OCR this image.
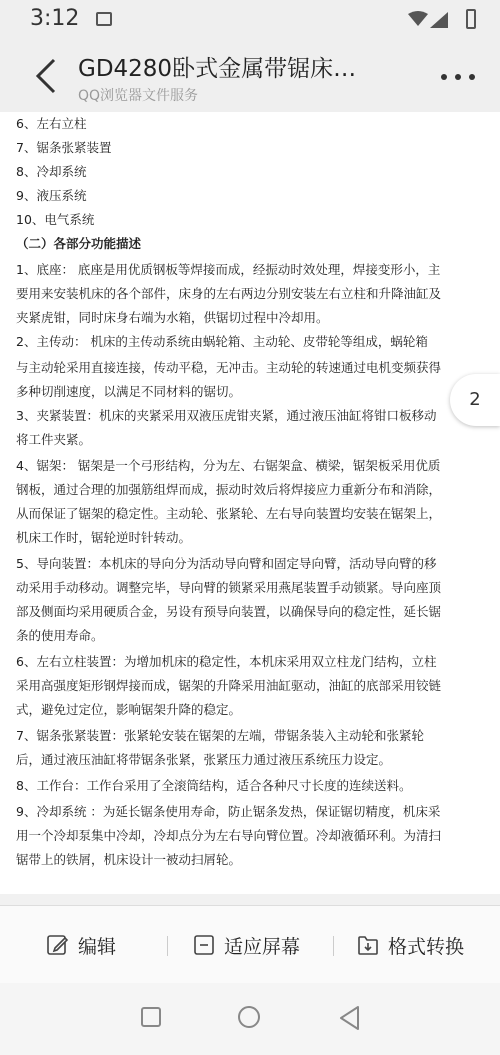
3:12
GD4280卧式金属带锯床…
QQ浏览器文件服务
锯带上的铁屑，机床设计一被动扫屑轮。
用一个冷却泵集中冷却，冷却点分为左右导向臂位置。冷却液循环利。为清扫
9、冷却系统 ：为延长锯条使用寿命，防止锯条发热，保证锯切精度，机床采
8、工作台：工作台采用了全滚筒结构，适合各种尺寸长度的连续送料。
后，通过液压油缸将带锯条张紧，张紧压力通过液压系统压力设定。
7、锯条张紧装置：张紧轮安装在锯架的左端，带锯条装入主动轮和张紧轮
式，避免过定位，影响锯架升降的稳定。
采用高强度矩形钢焊接而成，锯架的升降采用油缸驱动，油缸的底部采用铰链
6、左右立柱装置：为增加机床的稳定性，本机床采用双立柱龙门结构，立柱
条的使用寿命。
部及侧面均采用硬质合金，另设有预导向装置，以确保导向的稳定性，延长锯
动采用手动移动。调整完毕，导向臂的锁紧采用燕尾装置手动锁紧。导向座顶
5、导向装置：本机床的导向分为活动导向臂和固定导向臂，活动导向臂的移
机床工作时，锯轮逆时针转动。
从而保证了锯架的稳定性。主动轮、张紧轮、左右导向装置均安装在锯架上，
钢板，通过合理的加强筋组焊而成，振动时效后将焊接应力重新分布和消除，
4、锯架： 锯架是一个弓形结构，分为左、右锯架盒、横梁，锯架板采用优质
将工件夹紧。
3、夹紧装置：机床的夹紧采用双液压虎钳夹紧，通过液压油缸将钳口板移动
多种切削速度，以满足不同材料的锯切。
与主动轮采用直接连接，传动平稳，无冲击。主动轮的转速通过电机变频获得
2、主传动： 机床的主传动系统由蜗轮箱、主动轮、皮带轮等组成，蜗轮箱
夹紧虎钳，同时床身右端为水箱，供锯切过程中冷却用。
要用来安装机床的各个部件，床身的左右两边分别安装左右立柱和升降油缸及
1、底座： 底座是用优质钢板等焊接而成，经振动时效处理，焊接变形小，主
（二）各部分功能描述
10、电气系统
9、液压系统
8、冷却系统
7、锯条张紧装置
6、左右立柱
2
编辑	适应屏幕	格式转换
